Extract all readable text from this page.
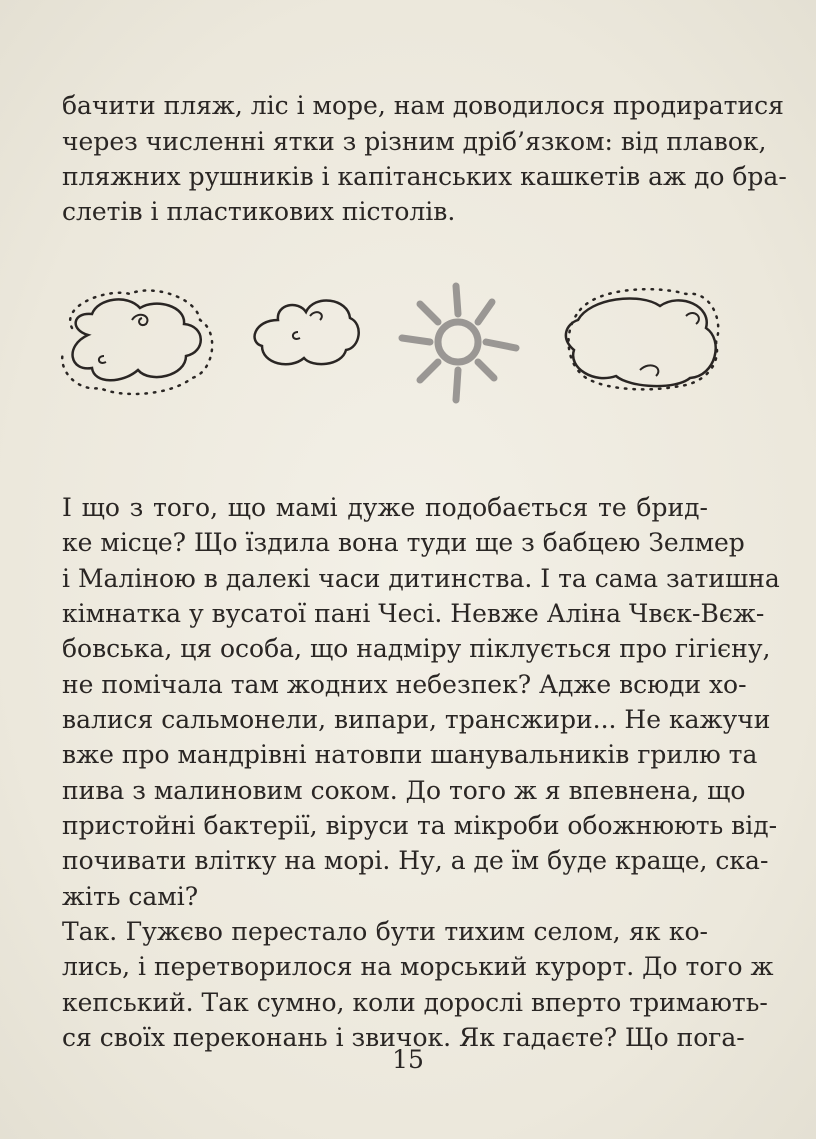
бачити пляж, ліс і море, нам доводилося продиратися
через численні ятки з різним дріб’язком: від плавок,
пляжних рушників і капітанських кашкетів аж до бра-
слетів і пластикових пістолів.
І що з того, що мамі дуже подобається те брид-
ке місце? Що їздила вона туди ще з бабцею Зелмер
і Маліною в далекі часи дитинства. І та сама затишна
кімнатка у вусатої пані Чесі. Невже Аліна Чвєк-Вєж-
бовська, ця особа, що надміру піклується про гігієну,
не помічала там жодних небезпек? Адже всюди хо-
валися сальмонели, випари, трансжири... Не кажучи
вже про мандрівні натовпи шанувальників грилю та
пива з малиновим соком. До того ж я впевнена, що
пристойні бактерії, віруси та мікроби обожнюють від-
почивати влітку на морі. Ну, а де їм буде краще, ска-
жіть самі?
Так. Гужєво перестало бути тихим селом, як ко-
лись, і перетворилося на морський курорт. До того ж
кепський. Так сумно, коли дорослі вперто тримають-
ся своїх переконань і звичок. Як гадаєте? Що пога-
15
